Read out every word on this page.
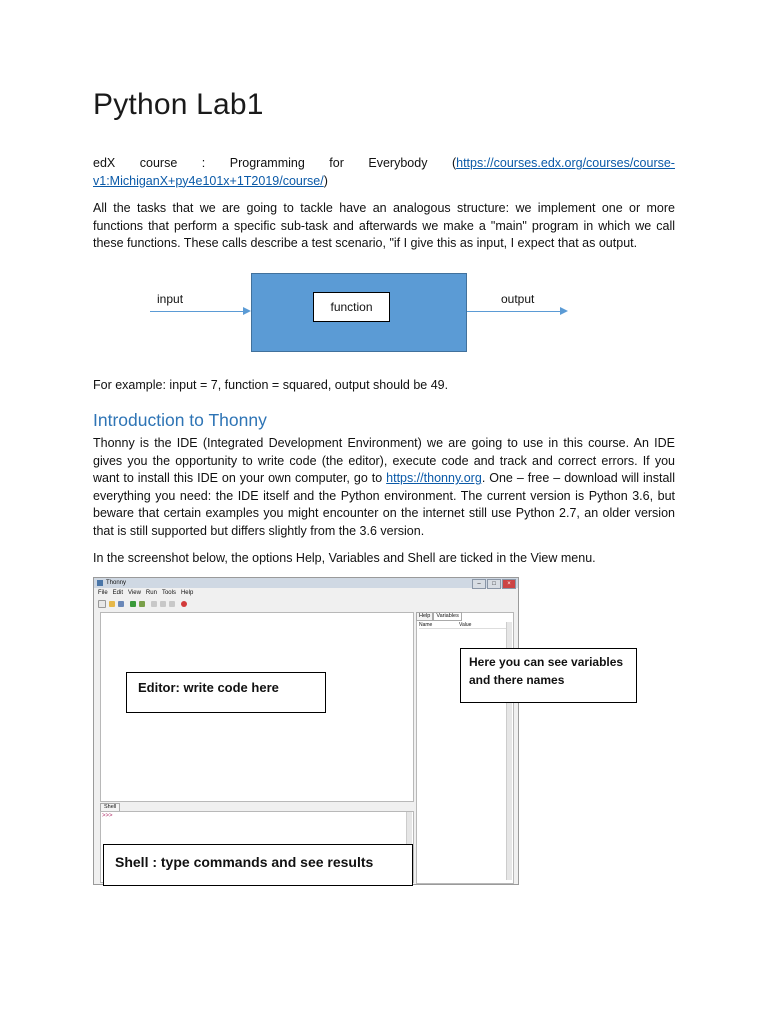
Python Lab1
edX course : Programming for Everybody (https://courses.edx.org/courses/course-
v1:MichiganX+py4e101x+1T2019/course/)
All the tasks that we are going to tackle have an analogous structure: we implement one or more functions that perform a specific sub-task and afterwards we make a "main" program in which we call these functions. These calls describe a test scenario, "if I give this as input, I expect that as output.
input
function
output
For example: input = 7, function = squared, output should be 49.
Introduction to Thonny
Thonny is the IDE (Integrated Development Environment) we are going to use in this course. An IDE gives you the opportunity to write code (the editor), execute code and track and correct errors. If you want to install this IDE on your own computer, go to https://thonny.org. One – free – download will install everything you need: the IDE itself and the Python environment. The current version is Python 3.6, but beware that certain examples you might encounter on the internet still use Python 2.7, an older version that is still supported but differs slightly from the 3.6 version.
In the screenshot below, the options Help, Variables and Shell are ticked in the View menu.
Thonny	–	□	×
File Edit View Run Tools Help
Help	Variables
Name	Value
Shell
>>>
Editor: write code here
Here you can see variables and there names
Shell : type commands and see results
